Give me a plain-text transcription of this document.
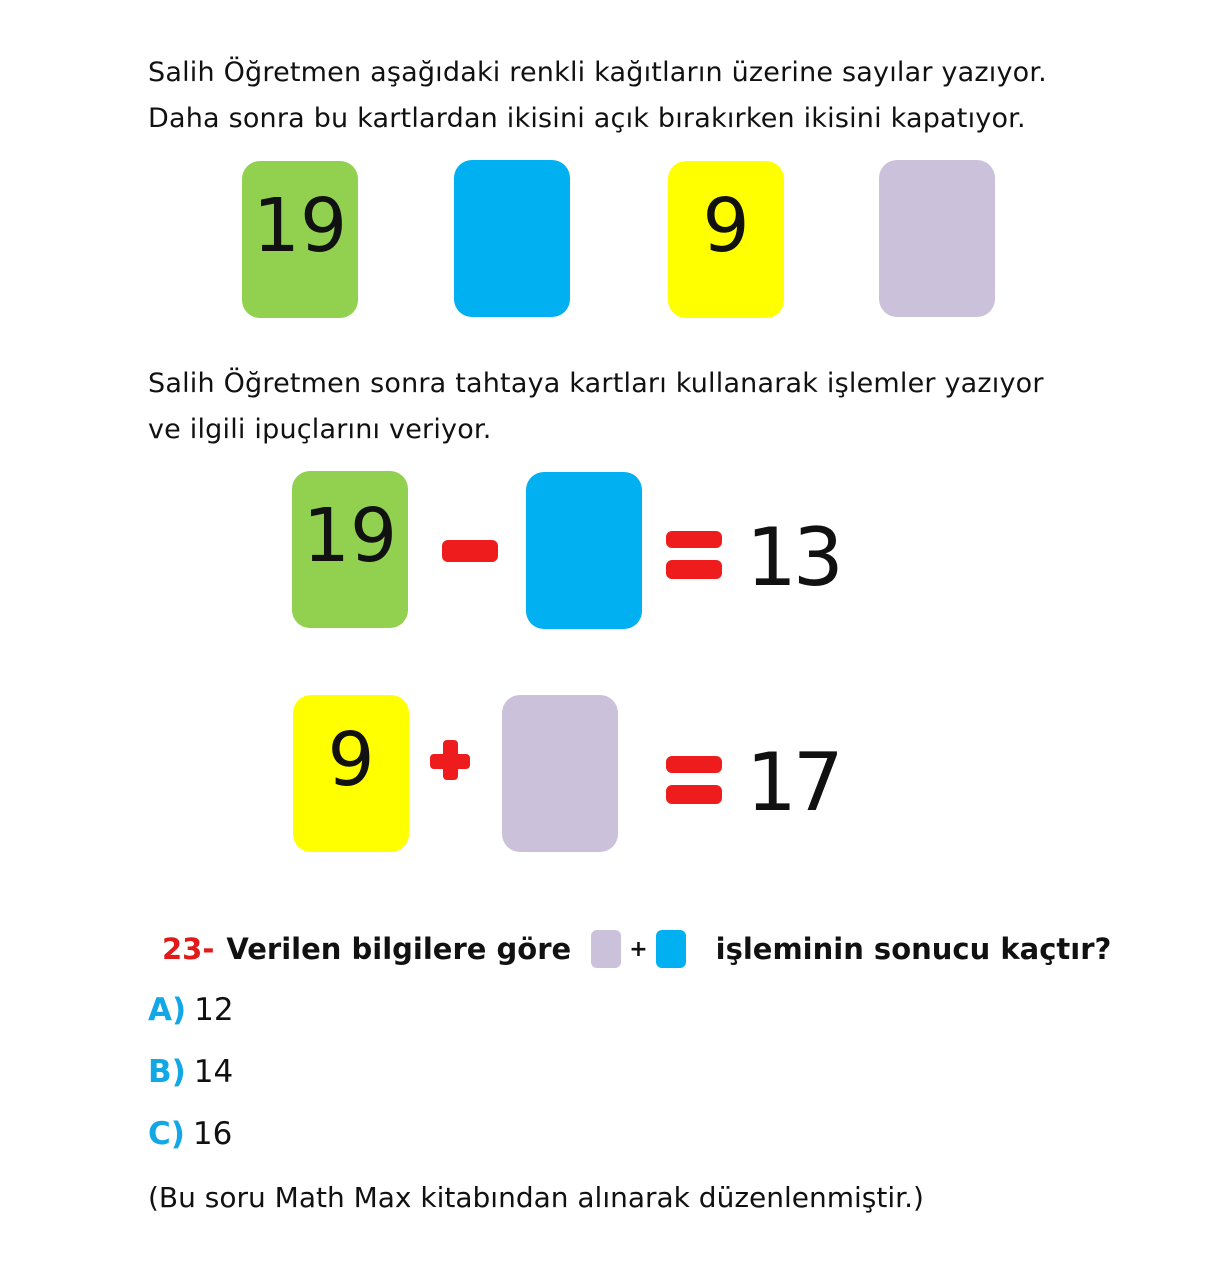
Salih Öğretmen aşağıdaki renkli kağıtların üzerine sayılar yazıyor.

Daha sonra bu kartlardan ikisini açık bırakırken ikisini kapatıyor.

19	9

Salih Öğretmen sonra tahtaya kartları kullanarak işlemler yazıyor

ve ilgili ipuçlarını veriyor.

19	13
9	17
23- Verilen bilgilere göre	+ işleminin sonucu kaçtır?
A) 12
B) 14
C) 16
(Bu soru Math Max kitabından alınarak düzenlenmiştir.)
